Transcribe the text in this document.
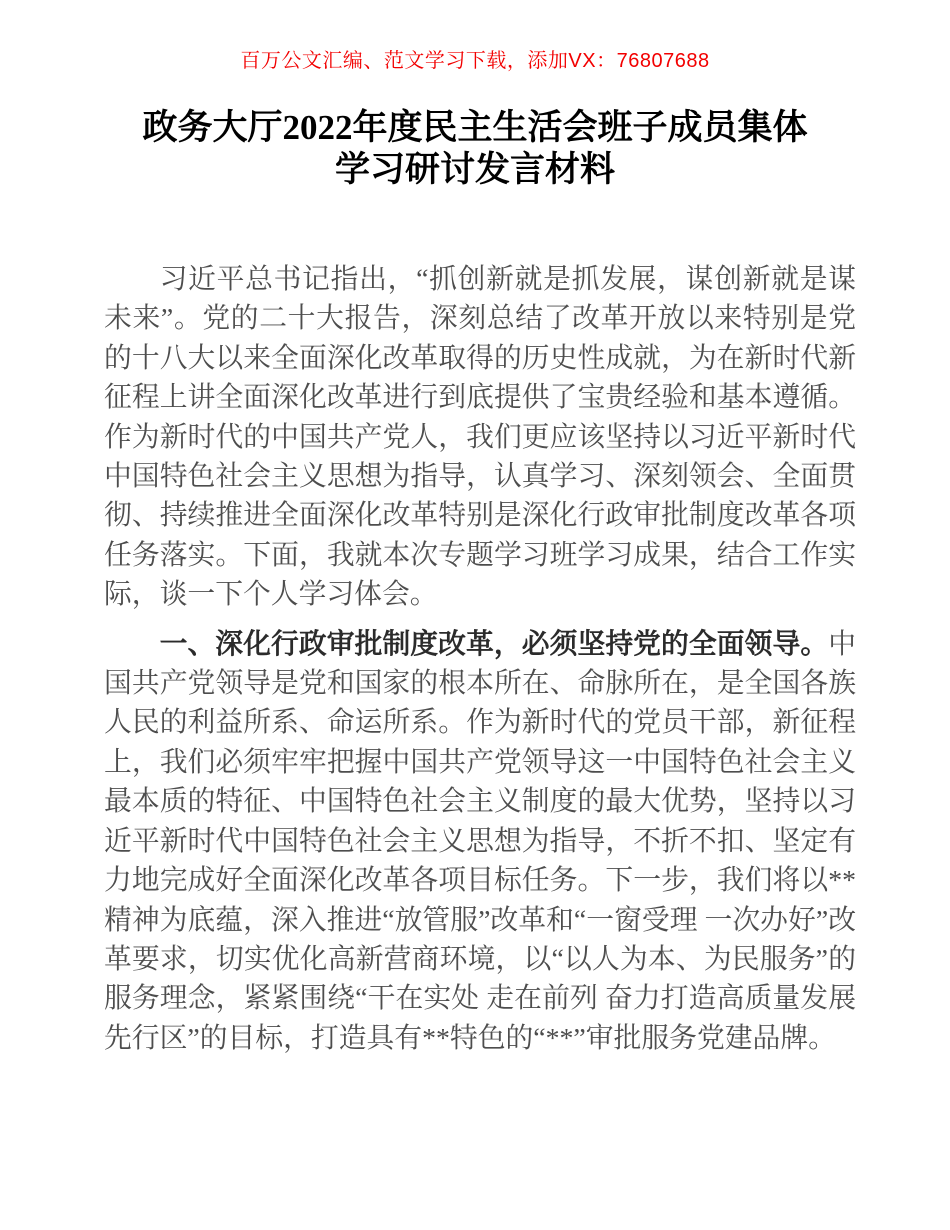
百万公文汇编、范文学习下载，添加VX：76807688
政务大厅2022年度民主生活会班子成员集体学习研讨发言材料

习近平总书记指出，“抓创新就是抓发展，谋创新就是谋未来”。党的二十大报告，深刻总结了改革开放以来特别是党的十八大以来全面深化改革取得的历史性成就，为在新时代新征程上讲全面深化改革进行到底提供了宝贵经验和基本遵循。作为新时代的中国共产党人，我们更应该坚持以习近平新时代中国特色社会主义思想为指导，认真学习、深刻领会、全面贯彻、持续推进全面深化改革特别是深化行政审批制度改革各项任务落实。下面，我就本次专题学习班学习成果，结合工作实际，谈一下个人学习体会。

一、深化行政审批制度改革，必须坚持党的全面领导。中国共产党领导是党和国家的根本所在、命脉所在，是全国各族人民的利益所系、命运所系。作为新时代的党员干部，新征程上，我们必须牢牢把握中国共产党领导这一中国特色社会主义最本质的特征、中国特色社会主义制度的最大优势，坚持以习近平新时代中国特色社会主义思想为指导，不折不扣、坚定有力地完成好全面深化改革各项目标任务。下一步，我们将以**精神为底蕴，深入推进“放管服”改革和“一窗受理 一次办好”改革要求，切实优化高新营商环境，以“以人为本、为民服务”的服务理念，紧紧围绕“干在实处 走在前列 奋力打造高质量发展先行区”的目标，打造具有**特色的“**”审批服务党建品牌。
